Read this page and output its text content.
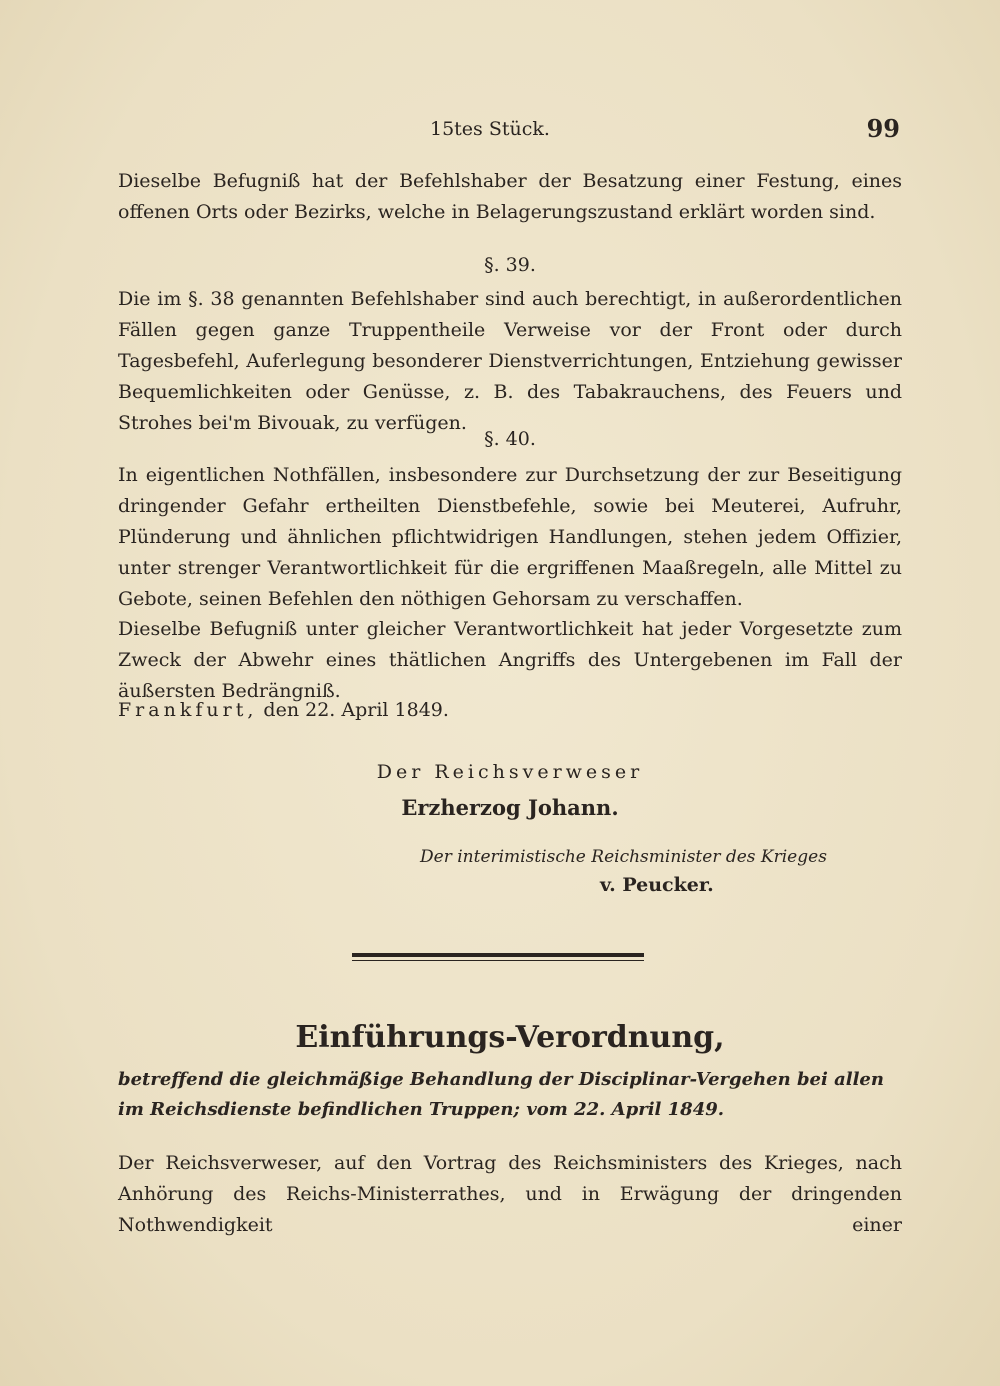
15tes Stück.	99

Dieselbe Befugniß hat der Befehlshaber der Besatzung einer Festung, eines offenen Orts oder Bezirks, welche in Belagerungszustand erklärt worden sind.

§. 39.

Die im §. 38 genannten Befehlshaber sind auch berechtigt, in außerordentlichen Fällen gegen ganze Truppentheile Verweise vor der Front oder durch Tagesbefehl, Auferlegung besonderer Dienstverrichtungen, Entziehung gewisser Bequemlichkeiten oder Genüsse, z. B. des Tabakrauchens, des Feuers und Strohes bei'm Bivouak, zu verfügen.

§. 40.

In eigentlichen Nothfällen, insbesondere zur Durchsetzung der zur Beseitigung dringender Gefahr ertheilten Dienstbefehle, sowie bei Meuterei, Aufruhr, Plünderung und ähnlichen pflichtwidrigen Handlungen, stehen jedem Offizier, unter strenger Verantwortlichkeit für die ergriffenen Maaßregeln, alle Mittel zu Gebote, seinen Befehlen den nöthigen Gehorsam zu verschaffen.

Dieselbe Befugniß unter gleicher Verantwortlichkeit hat jeder Vorgesetzte zum Zweck der Abwehr eines thätlichen Angriffs des Untergebenen im Fall der äußersten Bedrängniß.

Frankfurt, den 22. April 1849.
Der Reichsverweser
Erzherzog Johann.
Der interimistische Reichsminister des Krieges
v. Peucker.
Einführungs-Verordnung,

betreffend die gleichmäßige Behandlung der Disciplinar-Vergehen bei allen im Reichsdienste befindlichen Truppen; vom 22. April 1849.

Der Reichsverweser, auf den Vortrag des Reichsministers des Krieges, nach Anhörung des Reichs-Ministerrathes, und in Erwägung der dringenden Nothwendigkeit	einer
